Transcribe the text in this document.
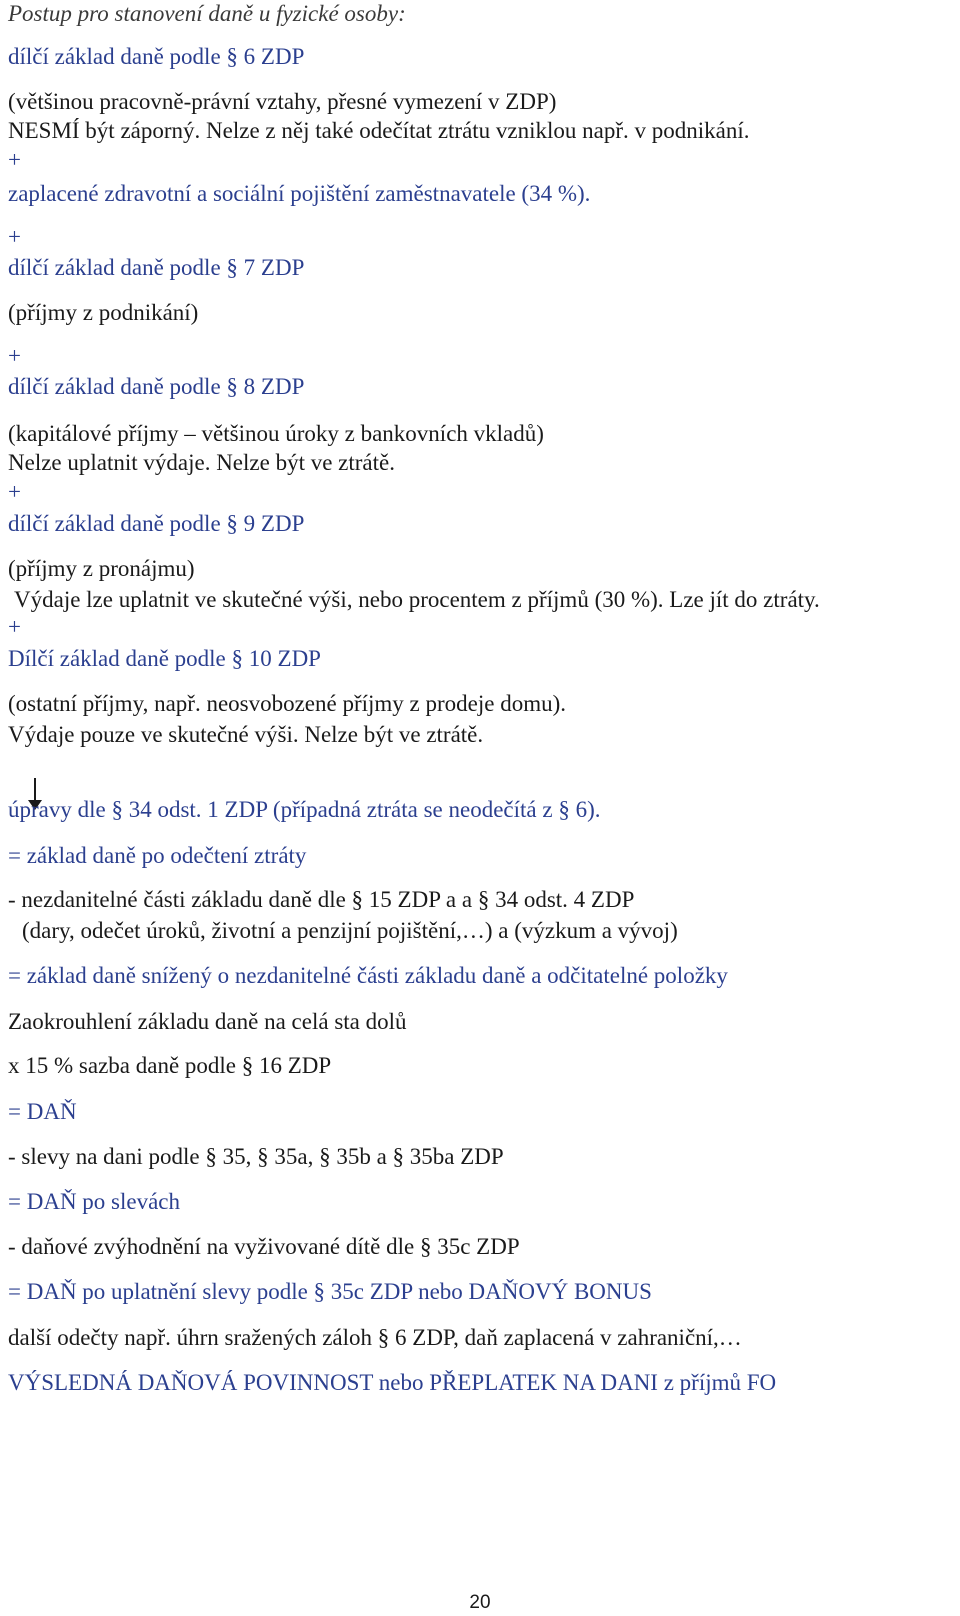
Postup pro stanovení daně u fyzické osoby:

dílčí základ daně podle § 6 ZDP

(většinou pracovně-právní vztahy, přesné vymezení v ZDP)

NESMÍ být záporný. Nelze z něj také odečítat ztrátu vzniklou např. v podnikání.

+

zaplacené zdravotní a sociální pojištění zaměstnavatele (34 %).

+

dílčí základ daně podle § 7 ZDP

(příjmy z podnikání)

+

dílčí základ daně podle § 8 ZDP

(kapitálové příjmy – většinou úroky z bankovních vkladů)

Nelze uplatnit výdaje. Nelze být ve ztrátě.

+

dílčí základ daně podle § 9 ZDP

(příjmy z pronájmu)

Výdaje lze uplatnit ve skutečné výši, nebo procentem z příjmů (30 %). Lze jít do ztráty.

+

Dílčí základ daně podle § 10 ZDP

(ostatní příjmy, např. neosvobozené příjmy z prodeje domu).

Výdaje pouze ve skutečné výši. Nelze být ve ztrátě.

úpravy dle § 34 odst. 1 ZDP (případná ztráta se neodečítá z § 6).

= základ daně po odečtení ztráty

- nezdanitelné části základu daně dle § 15 ZDP a a § 34 odst. 4 ZDP

(dary, odečet úroků, životní a penzijní pojištění,…) a (výzkum a vývoj)

= základ daně snížený o nezdanitelné části základu daně a odčitatelné položky

Zaokrouhlení základu daně na celá sta dolů

x 15 % sazba daně podle § 16 ZDP

= DAŇ

- slevy na dani podle § 35, § 35a, § 35b a § 35ba ZDP

= DAŇ po slevách

- daňové zvýhodnění na vyživované dítě dle § 35c ZDP

= DAŇ po uplatnění slevy podle § 35c ZDP nebo DAŇOVÝ BONUS

další odečty např. úhrn sražených záloh § 6 ZDP, daň zaplacená v zahraniční,…

VÝSLEDNÁ DAŇOVÁ POVINNOST nebo PŘEPLATEK NA DANI z příjmů FO

20
